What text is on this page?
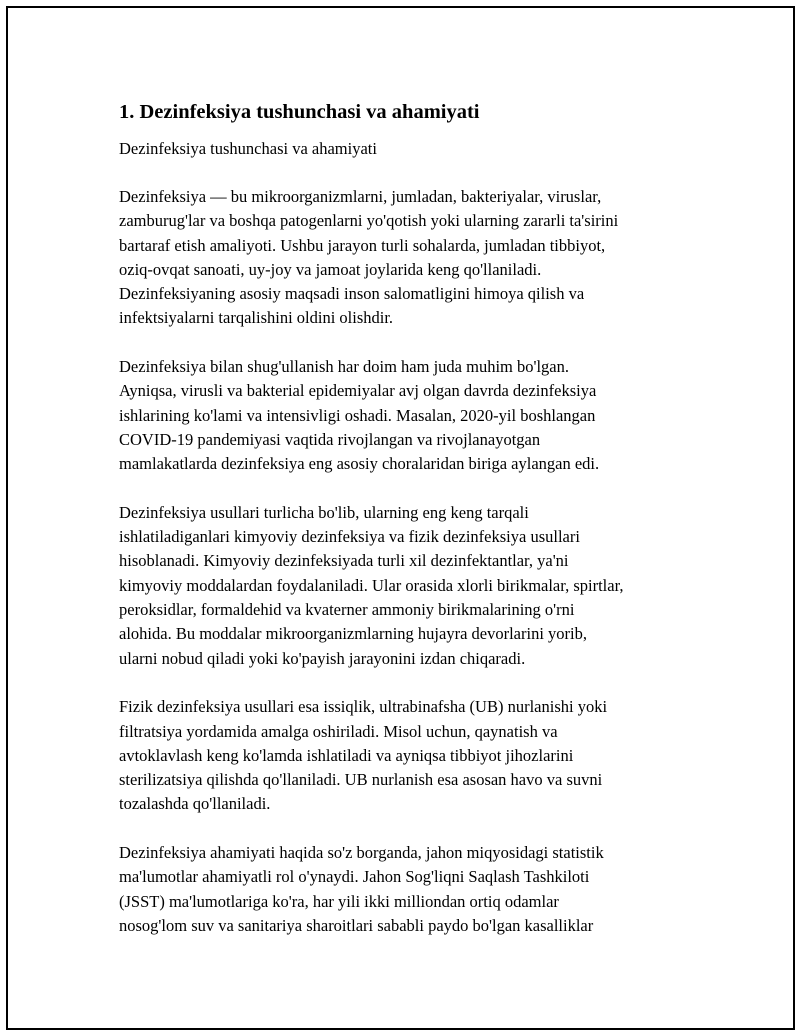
1. Dezinfeksiya tushunchasi va ahamiyati
Dezinfeksiya tushunchasi va ahamiyati

Dezinfeksiya — bu mikroorganizmlarni, jumladan, bakteriyalar, viruslar,
zamburug'lar va boshqa patogenlarni yo'qotish yoki ularning zararli ta'sirini
bartaraf etish amaliyoti. Ushbu jarayon turli sohalarda, jumladan tibbiyot,
oziq-ovqat sanoati, uy-joy va jamoat joylarida keng qo'llaniladi.
Dezinfeksiyaning asosiy maqsadi inson salomatligini himoya qilish va
infektsiyalarni tarqalishini oldini olishdir.

Dezinfeksiya bilan shug'ullanish har doim ham juda muhim bo'lgan.
Ayniqsa, virusli va bakterial epidemiyalar avj olgan davrda dezinfeksiya
ishlarining ko'lami va intensivligi oshadi. Masalan, 2020-yil boshlangan
COVID-19 pandemiyasi vaqtida rivojlangan va rivojlanayotgan
mamlakatlarda dezinfeksiya eng asosiy choralaridan biriga aylangan edi.

Dezinfeksiya usullari turlicha bo'lib, ularning eng keng tarqali
ishlatiladiganlari kimyoviy dezinfeksiya va fizik dezinfeksiya usullari
hisoblanadi. Kimyoviy dezinfeksiyada turli xil dezinfektantlar, ya'ni
kimyoviy moddalardan foydalaniladi. Ular orasida xlorli birikmalar, spirtlar,
peroksidlar, formaldehid va kvaterner ammoniy birikmalarining o'rni
alohida. Bu moddalar mikroorganizmlarning hujayra devorlarini yorib,
ularni nobud qiladi yoki ko'payish jarayonini izdan chiqaradi.

Fizik dezinfeksiya usullari esa issiqlik, ultrabinafsha (UB) nurlanishi yoki
filtratsiya yordamida amalga oshiriladi. Misol uchun, qaynatish va
avtoklavlash keng ko'lamda ishlatiladi va ayniqsa tibbiyot jihozlarini
sterilizatsiya qilishda qo'llaniladi. UB nurlanish esa asosan havo va suvni
tozalashda qo'llaniladi.

Dezinfeksiya ahamiyati haqida so'z borganda, jahon miqyosidagi statistik
ma'lumotlar ahamiyatli rol o'ynaydi. Jahon Sog'liqni Saqlash Tashkiloti
(JSST) ma'lumotlariga ko'ra, har yili ikki milliondan ortiq odamlar
nosog'lom suv va sanitariya sharoitlari sababli paydo bo'lgan kasalliklar
